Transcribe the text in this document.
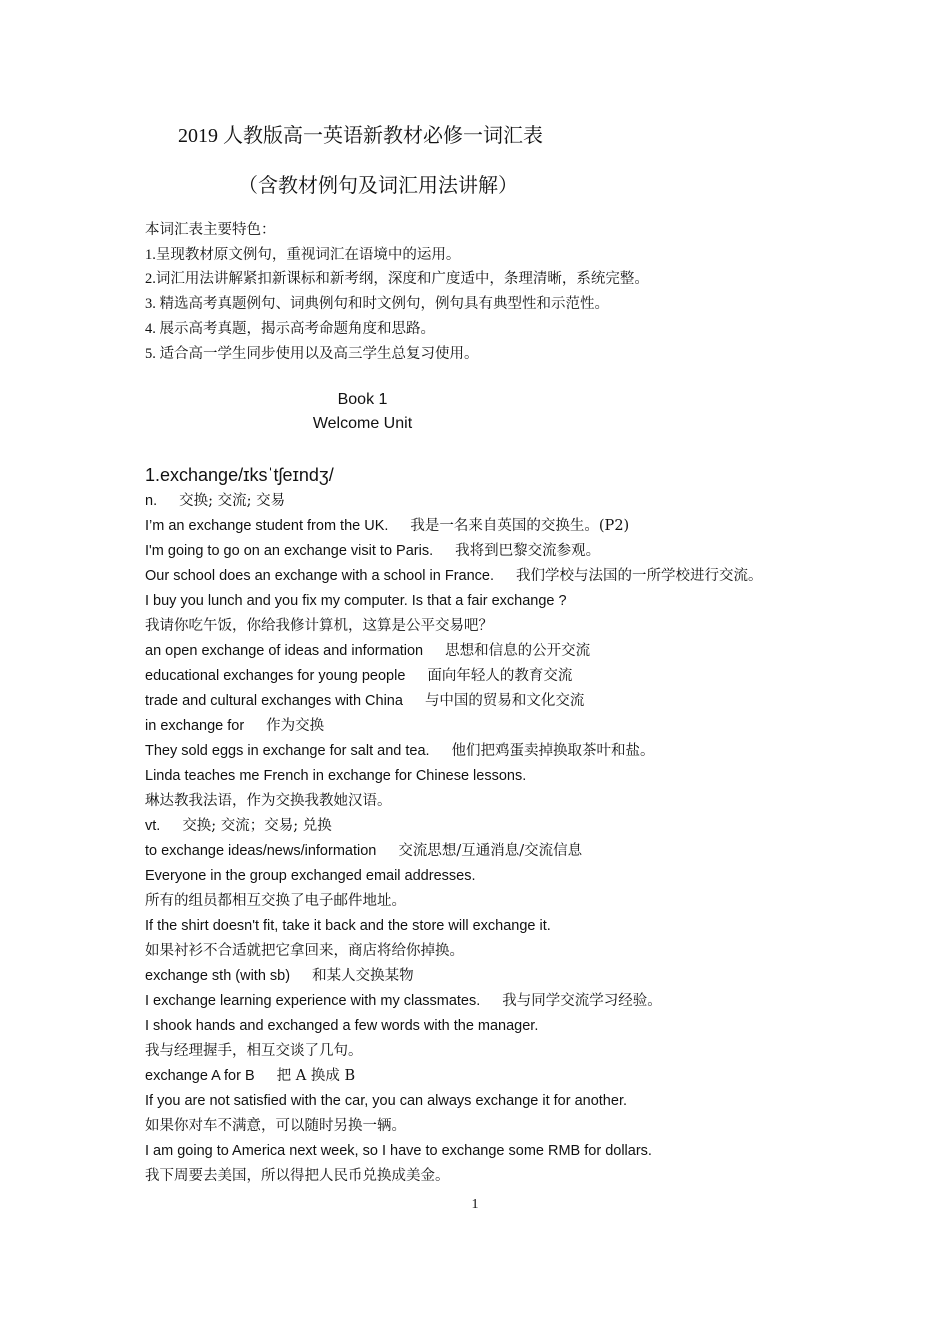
2019 人教版高一英语新教材必修一词汇表
（含教材例句及词汇用法讲解）
本词汇表主要特色：
1.呈现教材原文例句，重视词汇在语境中的运用。
2.词汇用法讲解紧扣新课标和新考纲，深度和广度适中，条理清晰，系统完整。
3. 精选高考真题例句、词典例句和时文例句，例句具有典型性和示范性。
4. 展示高考真题，揭示高考命题角度和思路。
5. 适合高一学生同步使用以及高三学生总复习使用。
Book 1
Welcome Unit
1.exchange/ɪksˈtʃeɪndʒ/
n. 交换; 交流; 交易
I’m an exchange student from the UK. 我是一名来自英国的交换生。(P2)
I'm going to go on an exchange visit to Paris. 我将到巴黎交流参观。
Our school does an exchange with a school in France. 我们学校与法国的一所学校进行交流。
I buy you lunch and you fix my computer. Is that a fair exchange ?
我请你吃午饭，你给我修计算机，这算是公平交易吧？
an open exchange of ideas and information 思想和信息的公开交流
educational exchanges for young people 面向年轻人的教育交流
trade and cultural exchanges with China 与中国的贸易和文化交流
in exchange for 作为交换
They sold eggs in exchange for salt and tea. 他们把鸡蛋卖掉换取茶叶和盐。
Linda teaches me French in exchange for Chinese lessons.
琳达教我法语，作为交换我教她汉语。
vt. 交换; 交流；交易; 兑换
to exchange ideas/news/information 交流思想/互通消息/交流信息
Everyone in the group exchanged email addresses.
所有的组员都相互交换了电子邮件地址。
If the shirt doesn't fit, take it back and the store will exchange it.
如果衬衫不合适就把它拿回来，商店将给你掉换。
exchange sth (with sb) 和某人交换某物
I exchange learning experience with my classmates. 我与同学交流学习经验。
I shook hands and exchanged a few words with the manager.
我与经理握手，相互交谈了几句。
exchange A for B 把 A 换成 B
If you are not satisfied with the car, you can always exchange it for another.
如果你对车不满意，可以随时另换一辆。
I am going to America next week, so I have to exchange some RMB for dollars.
我下周要去美国，所以得把人民币兑换成美金。
1
